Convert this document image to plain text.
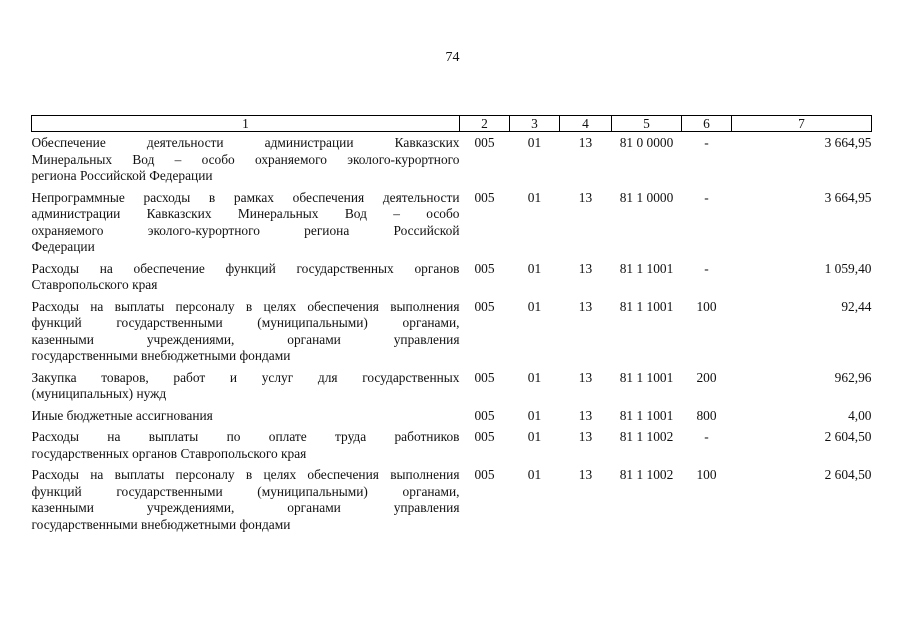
74
1	2	3	4	5	6	7

Обеспечение деятельности администрации Кавказских
Минеральных Вод – особо охраняемого эколого-курортного
региона Российской Федерации	005	01	13	81 0 0000	-	3 664,95

Непрограммные расходы в рамках обеспечения деятельности
администрации Кавказских Минеральных Вод – особо
охраняемого эколого-курортного региона Российской
Федерации	005	01	13	81 1 0000	-	3 664,95

Расходы на обеспечение функций государственных органов
Ставропольского края	005	01	13	81 1 1001	-	1 059,40

Расходы на выплаты персоналу в целях обеспечения выполнения
функций государственными (муниципальными) органами,
казенными учреждениями, органами управления
государственными внебюджетными фондами	005	01	13	81 1 1001	100	92,44

Закупка товаров, работ и услуг для государственных
(муниципальных) нужд	005	01	13	81 1 1001	200	962,96

Иные бюджетные ассигнования	005	01	13	81 1 1001	800	4,00

Расходы на выплаты по оплате труда работников
государственных органов Ставропольского края	005	01	13	81 1 1002	-	2 604,50

Расходы на выплаты персоналу в целях обеспечения выполнения
функций государственными (муниципальными) органами,
казенными учреждениями, органами управления
государственными внебюджетными фондами	005	01	13	81 1 1002	100	2 604,50
